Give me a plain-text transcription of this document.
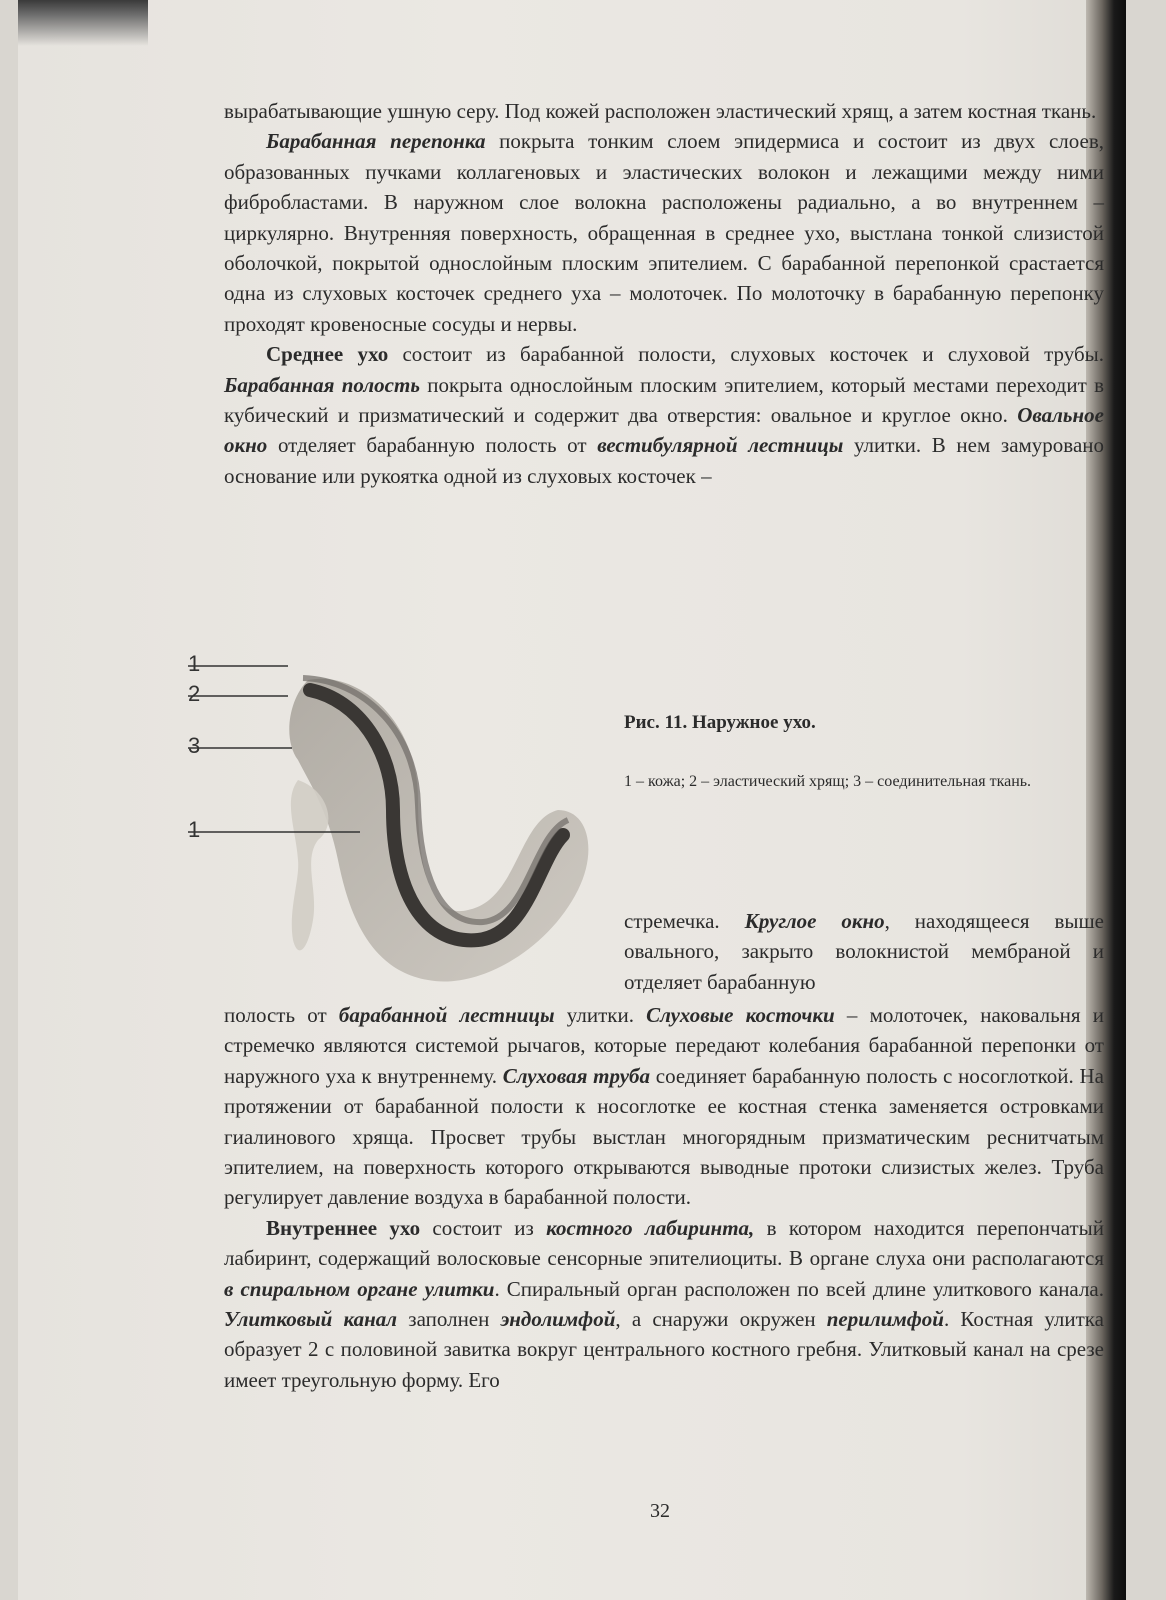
вырабатывающие ушную серу. Под кожей расположен эластический хрящ, а затем костная ткань.

Барабанная перепонка покрыта тонким слоем эпидермиса и состоит из двух слоев, образованных пучками коллагеновых и эластических волокон и лежащими между ними фибробластами. В наружном слое волокна расположены радиально, а во внутреннем – циркулярно. Внутренняя поверхность, обращенная в среднее ухо, выстлана тонкой слизистой оболочкой, покрытой однослойным плоским эпителием. С барабанной перепонкой срастается одна из слуховых косточек среднего уха – молоточек. По молоточку в барабанную перепонку проходят кровеносные сосуды и нервы.

Среднее ухо состоит из барабанной полости, слуховых косточек и слуховой трубы. Барабанная полость покрыта однослойным плоским эпителием, который местами переходит в кубический и призматический и содержит два отверстия: овальное и круглое окно. Овальное окно отделяет барабанную полость от вестибулярной лестницы улитки. В нем замуровано основание или рукоятка одной из слуховых косточек –

1
2
3
1
Рис. 11. Наружное ухо.
1 – кожа; 2 – эластический хрящ; 3 – соединительная ткань.
стремечка. Круглое окно, находящееся выше овального, закрыто волокнистой мембраной и отделяет барабанную

полость от барабанной лестницы улитки. Слуховые косточки – молоточек, наковальня и стремечко являются системой рычагов, которые передают колебания барабанной перепонки от наружного уха к внутреннему. Слуховая труба соединяет барабанную полость с носоглоткой. На протяжении от барабанной полости к носоглотке ее костная стенка заменяется островками гиалинового хряща. Просвет трубы выстлан многорядным призматическим реснитчатым эпителием, на поверхность которого открываются выводные протоки слизистых желез. Труба регулирует давление воздуха в барабанной полости.

Внутреннее ухо состоит из костного лабиринта, в котором находится перепончатый лабиринт, содержащий волосковые сенсорные эпителиоциты. В органе слуха они располагаются в спиральном органе улитки. Спиральный орган расположен по всей длине улиткового канала. Улитковый канал заполнен эндолимфой, а снаружи окружен перилимфой. Костная улитка образует 2 с половиной завитка вокруг центрального костного гребня. Улитковый канал на срезе имеет треугольную форму. Его

32
